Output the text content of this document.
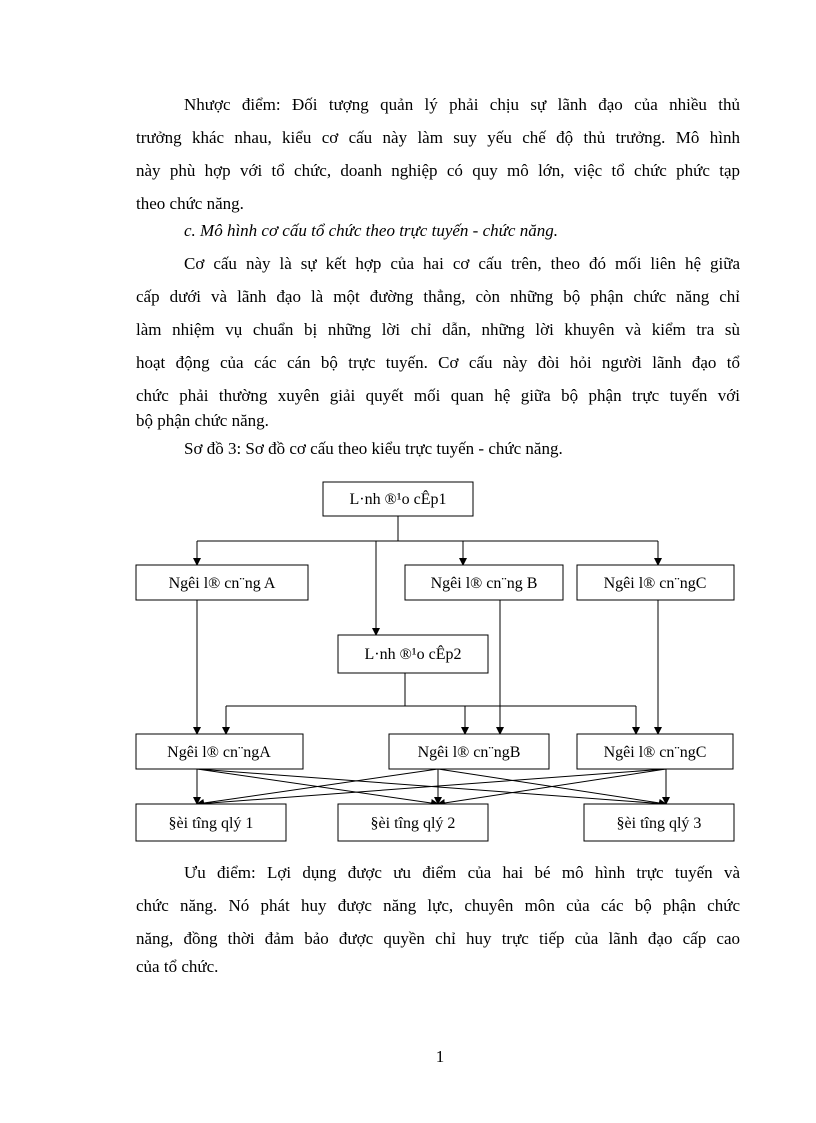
Nhược điểm: Đối tượng quản lý phải chịu sự lãnh đạo của nhiều thủ
trưởng khác nhau, kiểu cơ cấu này làm suy yếu chế độ thủ trưởng. Mô hình
này phù hợp với tổ chức, doanh nghiệp có quy mô lớn, việc tổ chức phức tạp
theo chức năng.
c. Mô hình cơ cấu tổ chức theo trực tuyến - chức năng.
Cơ cấu này là sự kết hợp của hai cơ cấu trên, theo đó mối liên hệ giữa
cấp dưới và lãnh đạo là một đường thẳng, còn những bộ phận chức năng chỉ
làm nhiệm vụ chuẩn bị những lời chỉ dẫn, những lời khuyên và kiểm tra sù
hoạt động của các cán bộ trực tuyến. Cơ cấu này đòi hỏi người lãnh đạo tổ
chức phải thường xuyên giải quyết mối quan hệ giữa bộ phận trực tuyến với
bộ phận chức năng.
Sơ đồ 3: Sơ đồ cơ cấu theo kiểu trực tuyến - chức năng.
L·nh ®¹o cÊp1
Ngêi l® cn¨ng A	Ngêi l® cn¨ng B	Ngêi l® cn¨ngC
L·nh ®¹o cÊp2
Ngêi l® cn¨ngA	Ngêi l® cn¨ngB	Ngêi l® cn¨ngC
§èi tîng qlý 1	§èi tîng qlý 2	§èi tîng qlý 3
Ưu điểm: Lợi dụng được ưu điểm của hai bé mô hình trực tuyến và
chức năng. Nó phát huy được năng lực, chuyên môn của các bộ phận chức
năng, đồng thời đảm bảo được quyền chỉ huy trực tiếp của lãnh đạo cấp cao
của tổ chức.
1
